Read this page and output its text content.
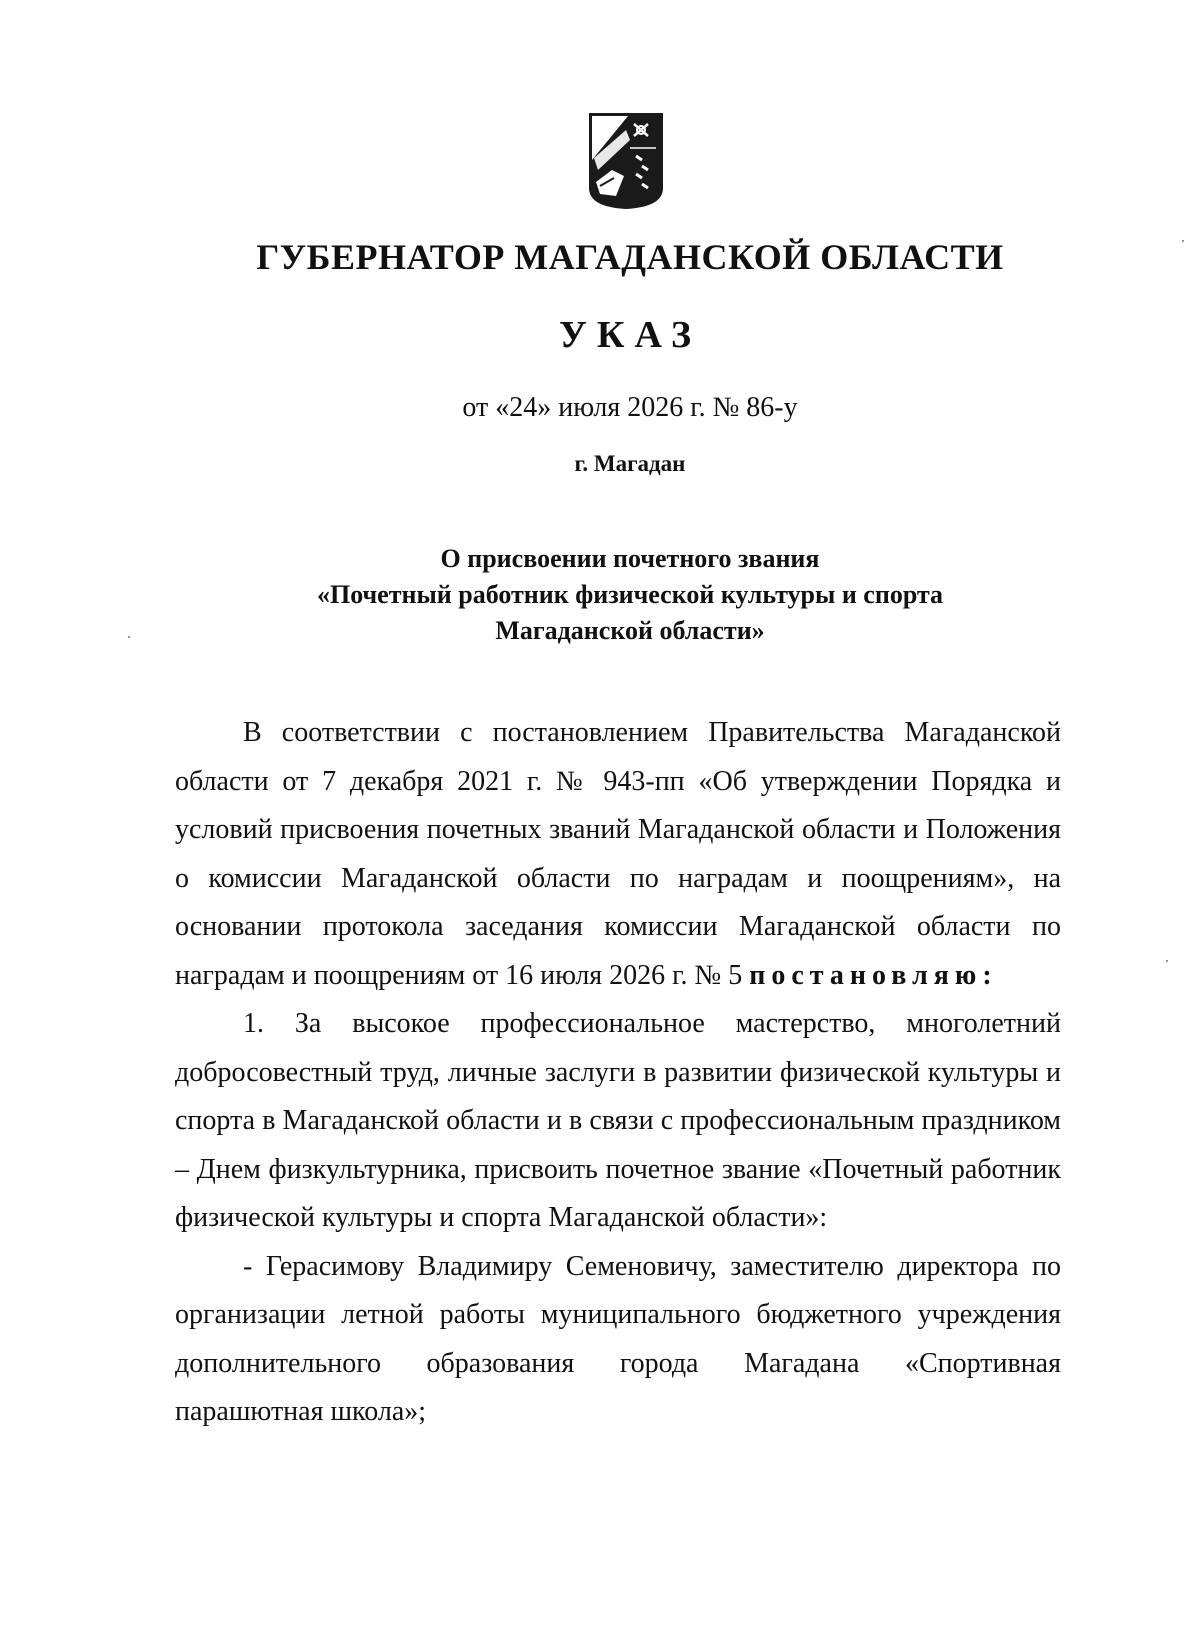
ГУБЕРНАТОР МАГАДАНСКОЙ ОБЛАСТИ
УКАЗ
от «24» июля 2026 г. № 86-у
г. Магадан
О присвоении почетного звания
«Почетный работник физической культуры и спорта
Магаданской области»

В соответствии с постановлением Правительства Магаданской области от 7 декабря 2021 г. № 943-пп «Об утверждении Порядка и условий присвоения почетных званий Магаданской области и Положения о комиссии Магаданской области по наградам и поощрениям», на основании протокола заседания комиссии Магаданской области по наградам и поощрениям от 16 июля 2026 г. № 5 постановляю:

1. За высокое профессиональное мастерство, многолетний добросовестный труд, личные заслуги в развитии физической культуры и спорта в Магаданской области и в связи с профессиональным праздником – Днем физкультурника, присвоить почетное звание «Почетный работник физической культуры и спорта Магаданской области»:

- Герасимову Владимиру Семеновичу, заместителю директора по организации летной работы муниципального бюджетного учреждения дополнительного образования города Магадана «Спортивная парашютная школа»;
